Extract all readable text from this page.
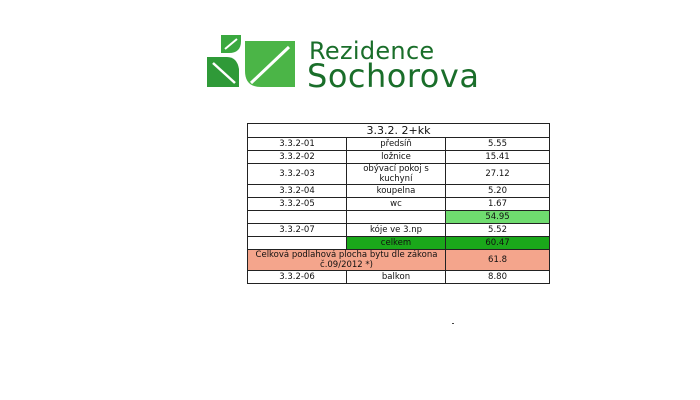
Rezidence
Sochorova
3.3.2. 2+kk		
3.3.2-01	předsíň	5.55
3.3.2-02	ložnice	15.41
3.3.2-03	obývací pokoj s kuchyní	27.12
3.3.2-04	koupelna	5.20
3.3.2-05	wc	1.67
		54.95
3.3.2-07	kóje ve 3.np	5.52
	celkem	60.47
Celková podlahová plocha bytu dle zákona č.09/2012 *)		61.8
3.3.2-06	balkon	8.80
